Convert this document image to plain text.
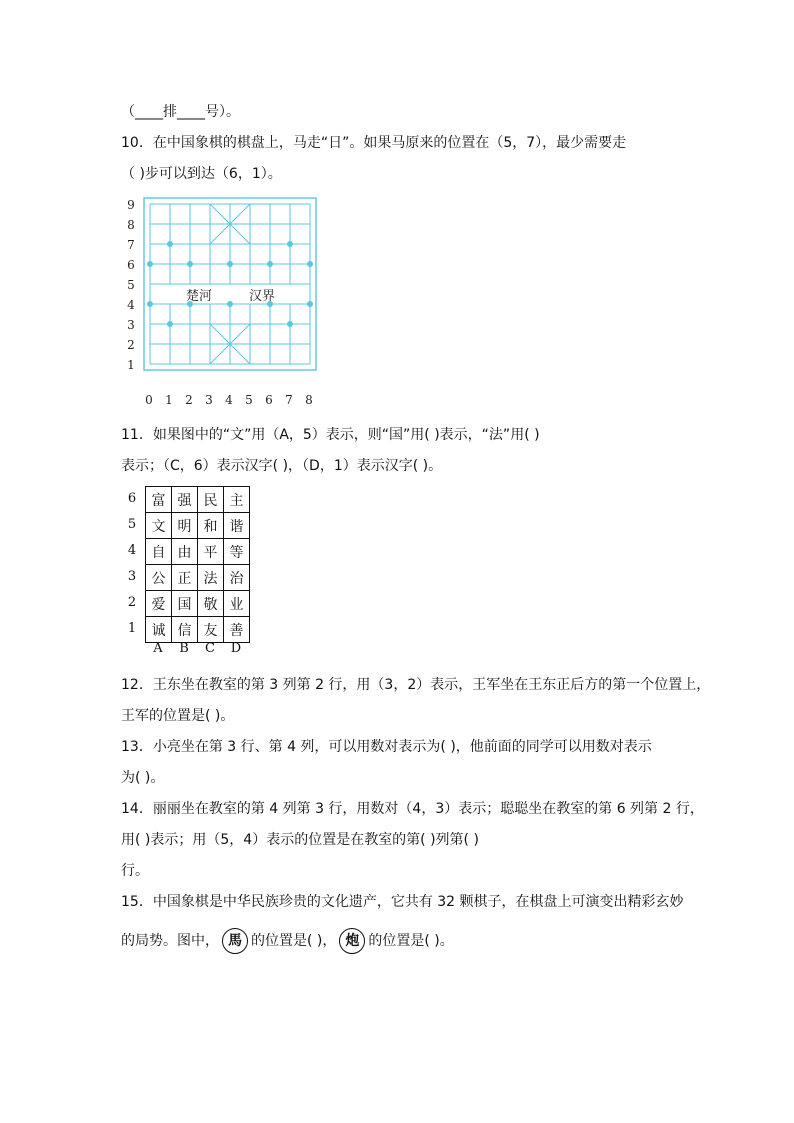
（____排____号）。
10．在中国象棋的棋盘上，马走“日”。如果马原来的位置在（5，7），最少需要走
（ )步可以到达（6，1）。
9
8
7
6
5
4
3
2
1
0 1 2 3 4 5 6 7 8
楚河	汉界
11．如果图中的“文”用（A，5）表示，则“国”用( )表示，“法”用( )
表示；（C，6）表示汉字( )，（D，1）表示汉字( )。
6
5
4
3
2
1
富	强	民	主
文	明	和	谐
自	由	平	等
公	正	法	治
爱	国	敬	业
诚	信	友	善
A B C D
12．王东坐在教室的第 3 列第 2 行，用（3，2）表示，王军坐在王东正后方的第一个位置上，
王军的位置是( )。
13．小亮坐在第 3 行、第 4 列，可以用数对表示为( )，他前面的同学可以用数对表示
为( )。
14．丽丽坐在教室的第 4 列第 3 行，用数对（4，3）表示；聪聪坐在教室的第 6 列第 2 行，
用( )表示；用（5，4）表示的位置是在教室的第( )列第( )
行。
15．中国象棋是中华民族珍贵的文化遗产，它共有 32 颗棋子，在棋盘上可演变出精彩玄妙
的局势。图中， 馬 的位置是( )， 炮 的位置是( )。
